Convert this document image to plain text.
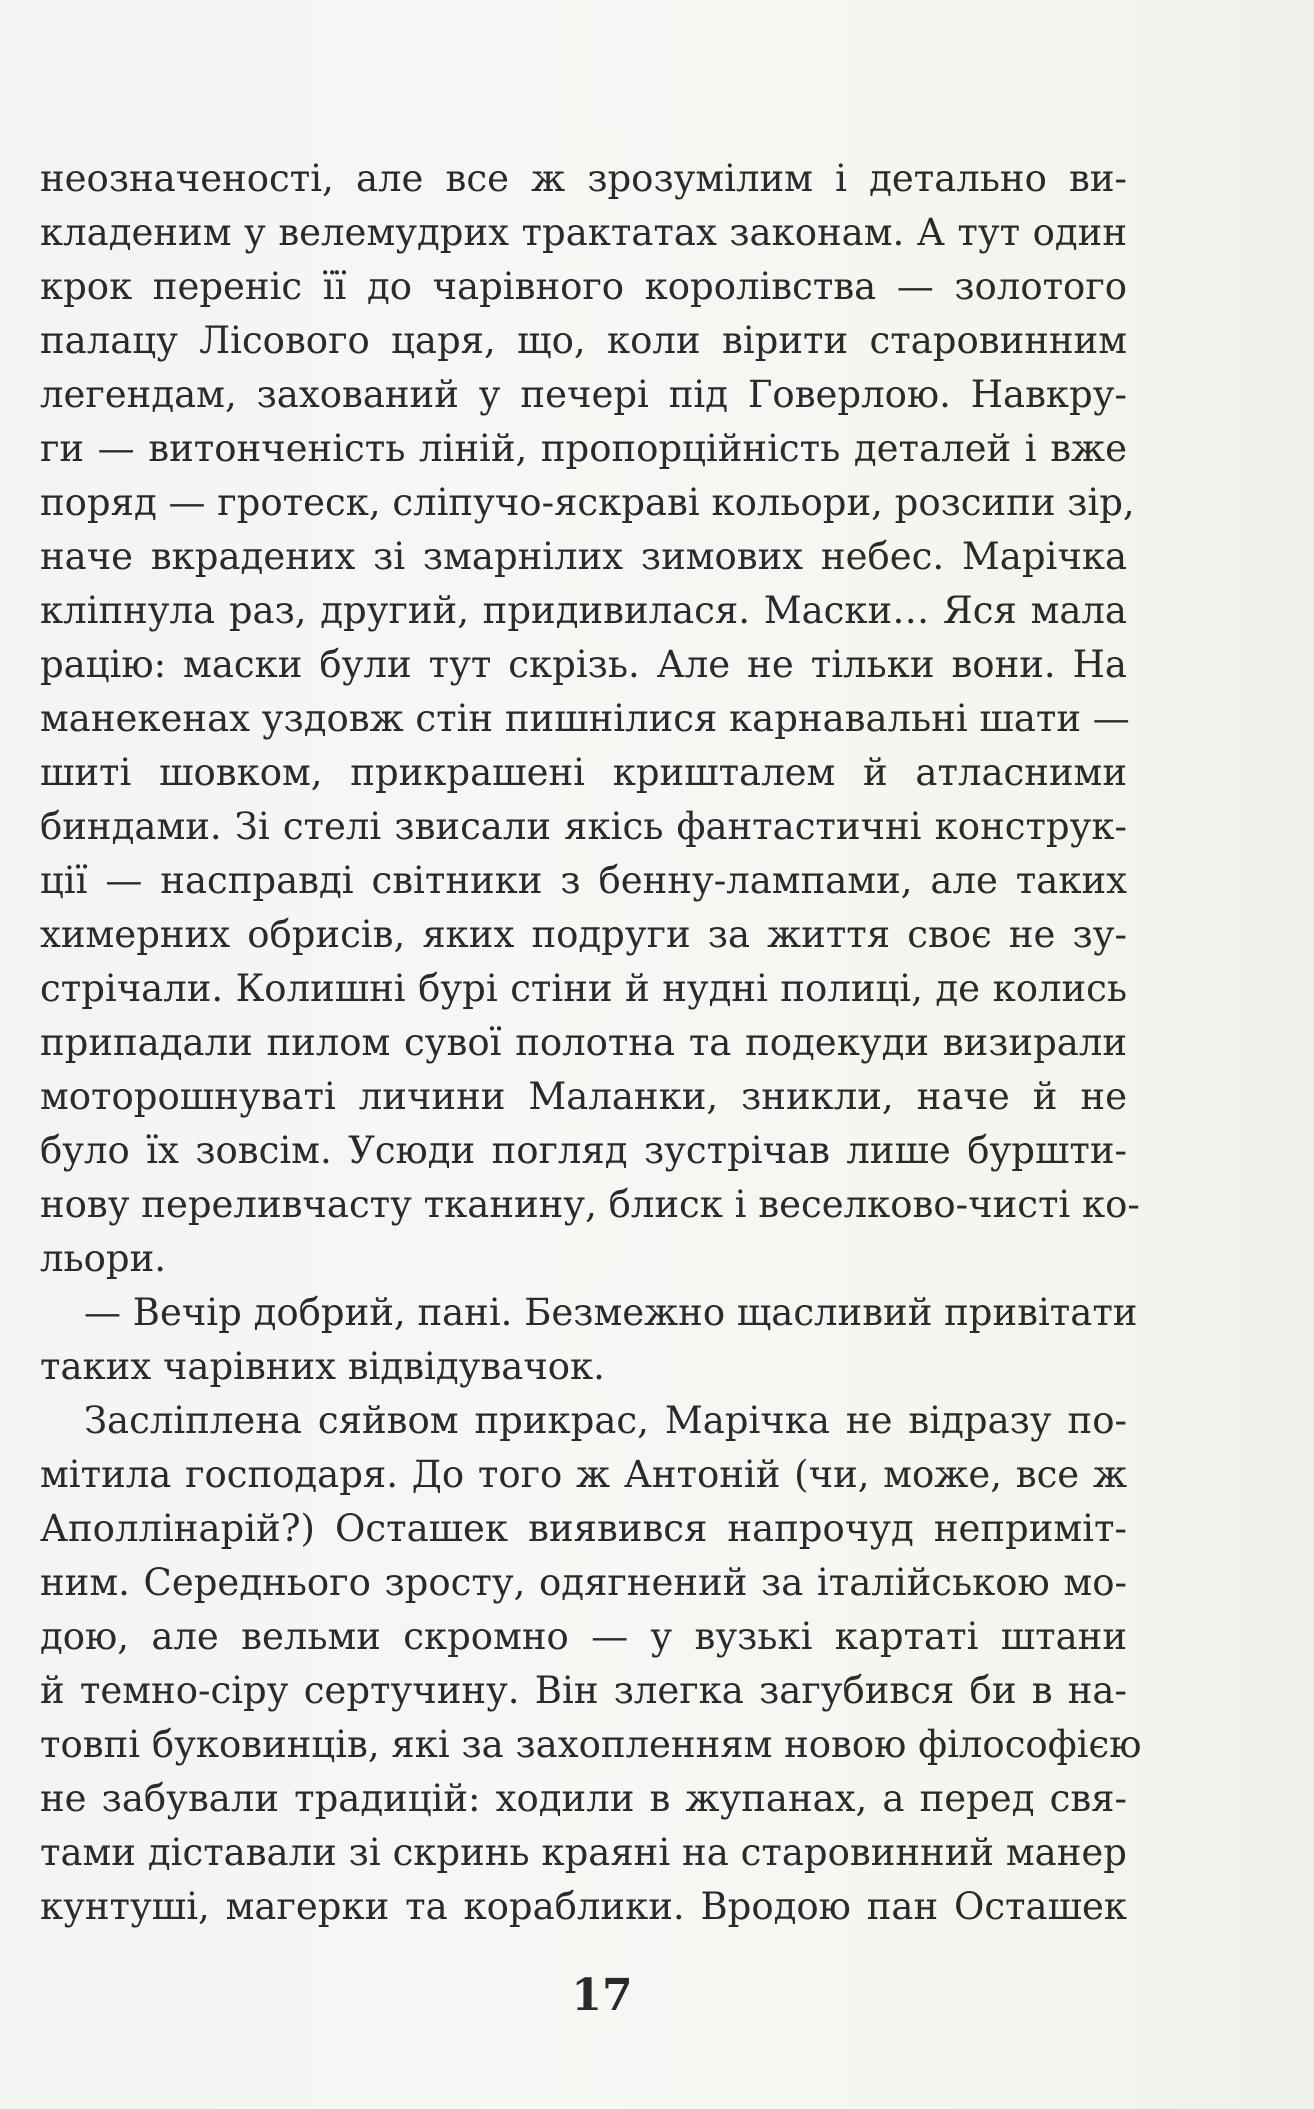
неозначеності, але все ж зрозумілим і детально ви-
кладеним у велемудрих трактатах законам. А тут один
крок переніс її до чарівного королівства — золотого
палацу Лісового царя, що, коли вірити старовинним
легендам, захований у печері під Говерлою. Навкру-
ги — витонченість ліній, пропорційність деталей і вже
поряд — гротеск, сліпучо-яскраві кольори, розсипи зір,
наче вкрадених зі змарнілих зимових небес. Марічка
кліпнула раз, другий, придивилася. Маски… Яся мала
рацію: маски були тут скрізь. Але не тільки вони. На
манекенах уздовж стін пишнілися карнавальні шати —
шиті шовком, прикрашені кришталем й атласними
биндами. Зі стелі звисали якісь фантастичні конструк-
ції — насправді світники з бенну-лампами, але таких
химерних обрисів, яких подруги за життя своє не зу-
стрічали. Колишні бурі стіни й нудні полиці, де колись
припадали пилом сувої полотна та подекуди визирали
моторошнуваті личини Маланки, зникли, наче й не
було їх зовсім. Усюди погляд зустрічав лише буршти-
нову переливчасту тканину, блиск і веселково-чисті ко-
льори.
— Вечір добрий, пані. Безмежно щасливий привітати
таких чарівних відвідувачок.
Засліплена сяйвом прикрас, Марічка не відразу по-
мітила господаря. До того ж Антоній (чи, може, все ж
Аполлінарій?) Осташек виявився напрочуд неприміт-
ним. Середнього зросту, одягнений за італійською мо-
дою, але вельми скромно — у вузькі картаті штани
й темно-сіру сертучину. Він злегка загубився би в на-
товпі буковинців, які за захопленням новою філософією
не забували традицій: ходили в жупанах, а перед свя-
тами діставали зі скринь краяні на старовинний манер
кунтуші, магерки та кораблики. Вродою пан Осташек
17
